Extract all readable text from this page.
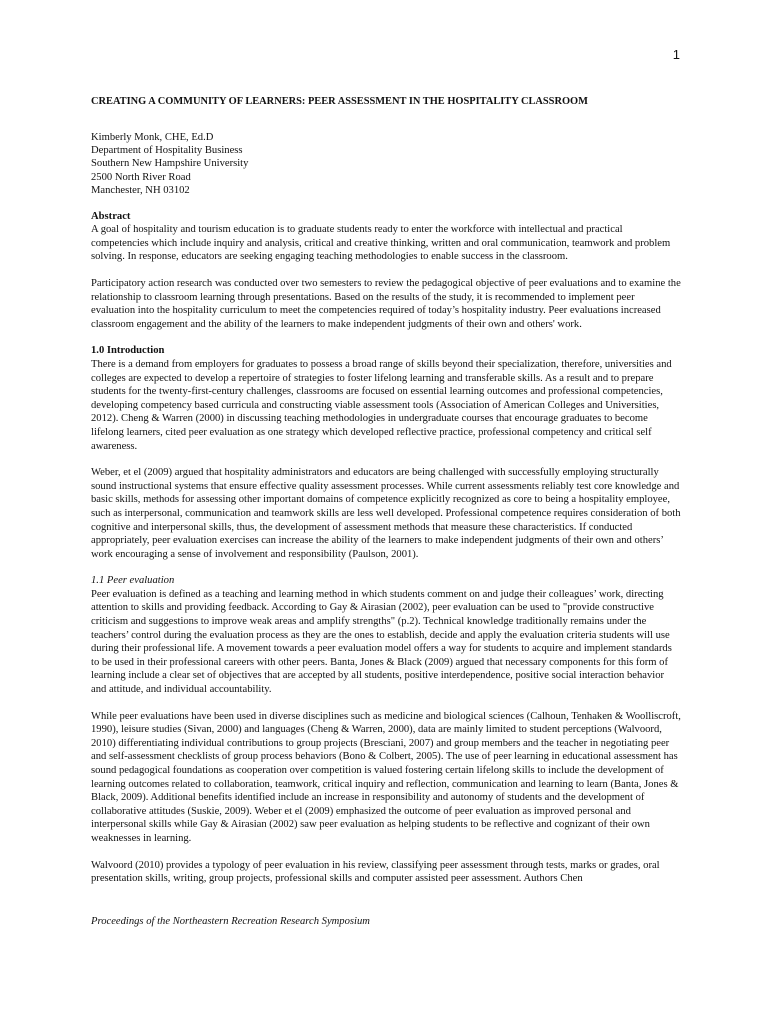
1
CREATING A COMMUNITY OF LEARNERS: PEER ASSESSMENT IN THE HOSPITALITY CLASSROOM
Kimberly Monk, CHE, Ed.D
Department of Hospitality Business
Southern New Hampshire University
2500 North River Road
Manchester, NH 03102
Abstract

A goal of hospitality and tourism education is to graduate students ready to enter the workforce with intellectual and practical competencies which include inquiry and analysis, critical and creative thinking, written and oral communication, teamwork and problem solving. In response, educators are seeking engaging teaching methodologies to enable success in the classroom.

Participatory action research was conducted over two semesters to review the pedagogical objective of peer evaluations and to examine the relationship to classroom learning through presentations. Based on the results of the study, it is recommended to implement peer evaluation into the hospitality curriculum to meet the competencies required of today’s hospitality industry. Peer evaluations increased classroom engagement and the ability of the learners to make independent judgments of their own and others' work.

1.0 Introduction

There is a demand from employers for graduates to possess a broad range of skills beyond their specialization, therefore, universities and colleges are expected to develop a repertoire of strategies to foster lifelong learning and transferable skills. As a result and to prepare students for the twenty-first-century challenges, classrooms are focused on essential learning outcomes and professional competencies, developing competency based curricula and constructing viable assessment tools (Association of American Colleges and Universities, 2012). Cheng & Warren (2000) in discussing teaching methodologies in undergraduate courses that encourage graduates to become lifelong learners, cited peer evaluation as one strategy which developed reflective practice, professional competency and critical self awareness.

Weber, et el (2009) argued that hospitality administrators and educators are being challenged with successfully employing structurally sound instructional systems that ensure effective quality assessment processes. While current assessments reliably test core knowledge and basic skills, methods for assessing other important domains of competence explicitly recognized as core to being a hospitality employee, such as interpersonal, communication and teamwork skills are less well developed. Professional competence requires consideration of both cognitive and interpersonal skills, thus, the development of assessment methods that measure these characteristics. If conducted appropriately, peer evaluation exercises can increase the ability of the learners to make independent judgments of their own and others’ work encouraging a sense of involvement and responsibility (Paulson, 2001).

1.1 Peer evaluation

Peer evaluation is defined as a teaching and learning method in which students comment on and judge their colleagues’ work, directing attention to skills and providing feedback. According to Gay & Airasian (2002), peer evaluation can be used to "provide constructive criticism and suggestions to improve weak areas and amplify strengths" (p.2). Technical knowledge traditionally remains under the teachers’ control during the evaluation process as they are the ones to establish, decide and apply the evaluation criteria students will use during their professional life. A movement towards a peer evaluation model offers a way for students to acquire and implement standards to be used in their professional careers with other peers. Banta, Jones & Black (2009) argued that necessary components for this form of learning include a clear set of objectives that are accepted by all students, positive interdependence, positive social interaction behavior and attitude, and individual accountability.

While peer evaluations have been used in diverse disciplines such as medicine and biological sciences (Calhoun, Tenhaken & Woolliscroft, 1990), leisure studies (Sivan, 2000) and languages (Cheng & Warren, 2000), data are mainly limited to student perceptions (Walvoord, 2010) differentiating individual contributions to group projects (Bresciani, 2007) and group members and the teacher in negotiating peer and self-assessment checklists of group process behaviors (Bono & Colbert, 2005). The use of peer learning in educational assessment has sound pedagogical foundations as cooperation over competition is valued fostering certain lifelong skills to include the development of learning outcomes related to collaboration, teamwork, critical inquiry and reflection, communication and learning to learn (Banta, Jones & Black, 2009). Additional benefits identified include an increase in responsibility and autonomy of students and the development of collaborative attitudes (Suskie, 2009). Weber et el (2009) emphasized the outcome of peer evaluation as improved personal and interpersonal skills while Gay & Airasian (2002) saw peer evaluation as helping students to be reflective and cognizant of their own weaknesses in learning.

Walvoord (2010) provides a typology of peer evaluation in his review, classifying peer assessment through tests, marks or grades, oral presentation skills, writing, group projects, professional skills and computer assisted peer assessment. Authors Chen

Proceedings of the Northeastern Recreation Research Symposium
